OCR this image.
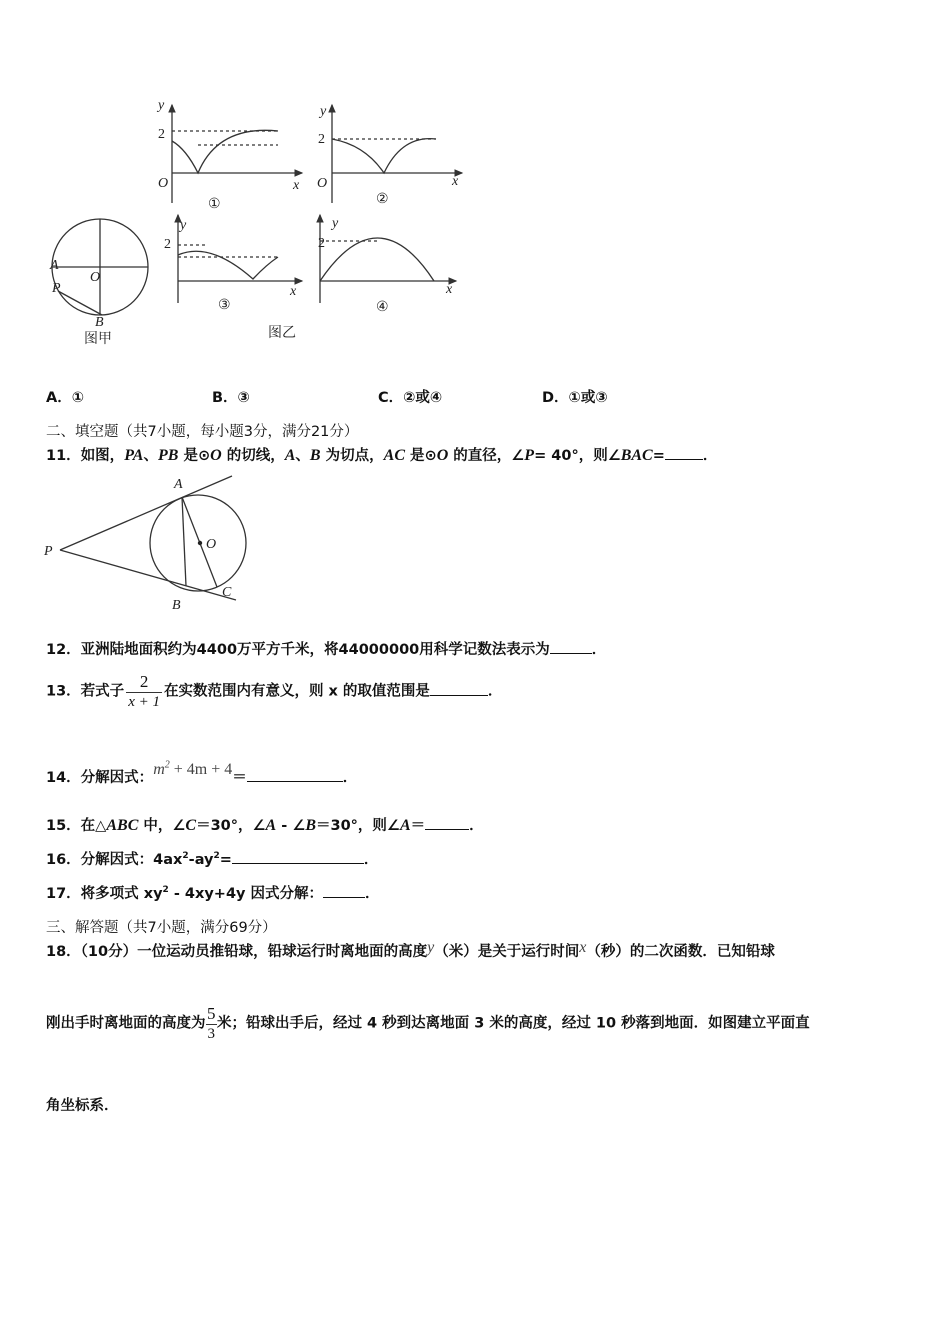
y
2
O	x
①
y
2
O	x
②
y
2
x
③
y
2
x
④
A
P
O
B
图甲	图乙
A．①	B．③	C．②或④	D．①或③
二、填空题（共7小题，每小题3分，满分21分）
11．如图，PA、PB 是⊙O 的切线，A、B 为切点，AC 是⊙O 的直径，∠P= 40°，则∠BAC=	．
P
A
O
B
C
12．亚洲陆地面积约为4400万平方千米，将44000000用科学记数法表示为	．
13．若式子 $\frac{2}{x + 1}$ 在实数范围内有意义，则 x 的取值范围是	．
14．分解因式：$m^2 + 4m + 4=$	．
15．在△ABC 中，∠C＝30°，∠A - ∠B＝30°，则∠A＝	．
16．分解因式：$4ax^2-ay^2=$	．
17．将多项式 $xy^2 - 4xy+4y$ 因式分解：	．
三、解答题（共7小题，满分69分）
18．（10分）一位运动员推铅球，铅球运行时离地面的高度y（米）是关于运行时间x（秒）的二次函数．已知铅球
刚出手时离地面的高度为 $\frac{5}{3}$ 米；铅球出手后，经过 4 秒到达离地面 3 米的高度，经过 10 秒落到地面．如图建立平面直
角坐标系．
